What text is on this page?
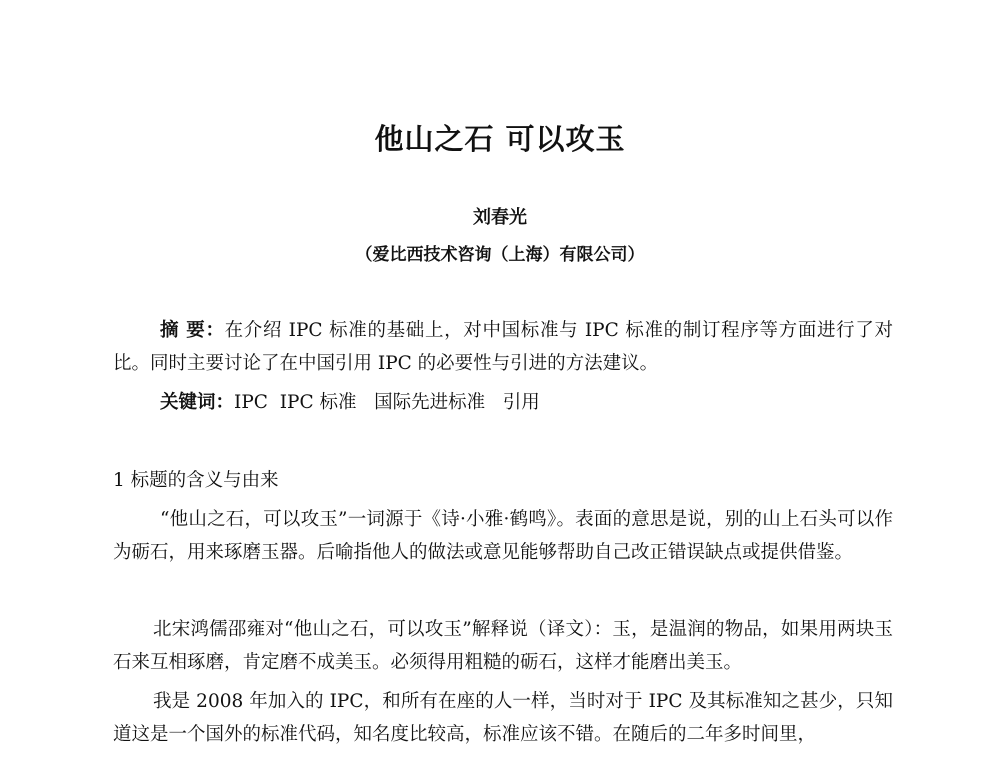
他山之石 可以攻玉
刘春光
（爱比西技术咨询（上海）有限公司）
摘 要：在介绍 IPC 标准的基础上，对中国标准与 IPC 标准的制订程序等方面进行了对比。同时主要讨论了在中国引用 IPC 的必要性与引进的方法建议。
关键词：IPC  IPC 标准   国际先进标准   引用
1 标题的含义与由来
“他山之石，可以攻玉”一词源于《诗·小雅·鹤鸣》。表面的意思是说，别的山上石头可以作为砺石，用来琢磨玉器。后喻指他人的做法或意见能够帮助自己改正错误缺点或提供借鉴。
北宋鸿儒邵雍对“他山之石，可以攻玉”解释说（译文）：玉，是温润的物品，如果用两块玉石来互相琢磨，肯定磨不成美玉。必须得用粗糙的砺石，这样才能磨出美玉。
我是 2008 年加入的 IPC，和所有在座的人一样，当时对于 IPC 及其标准知之甚少，只知道这是一个国外的标准代码，知名度比较高，标准应该不错。在随后的二年多时间里，
